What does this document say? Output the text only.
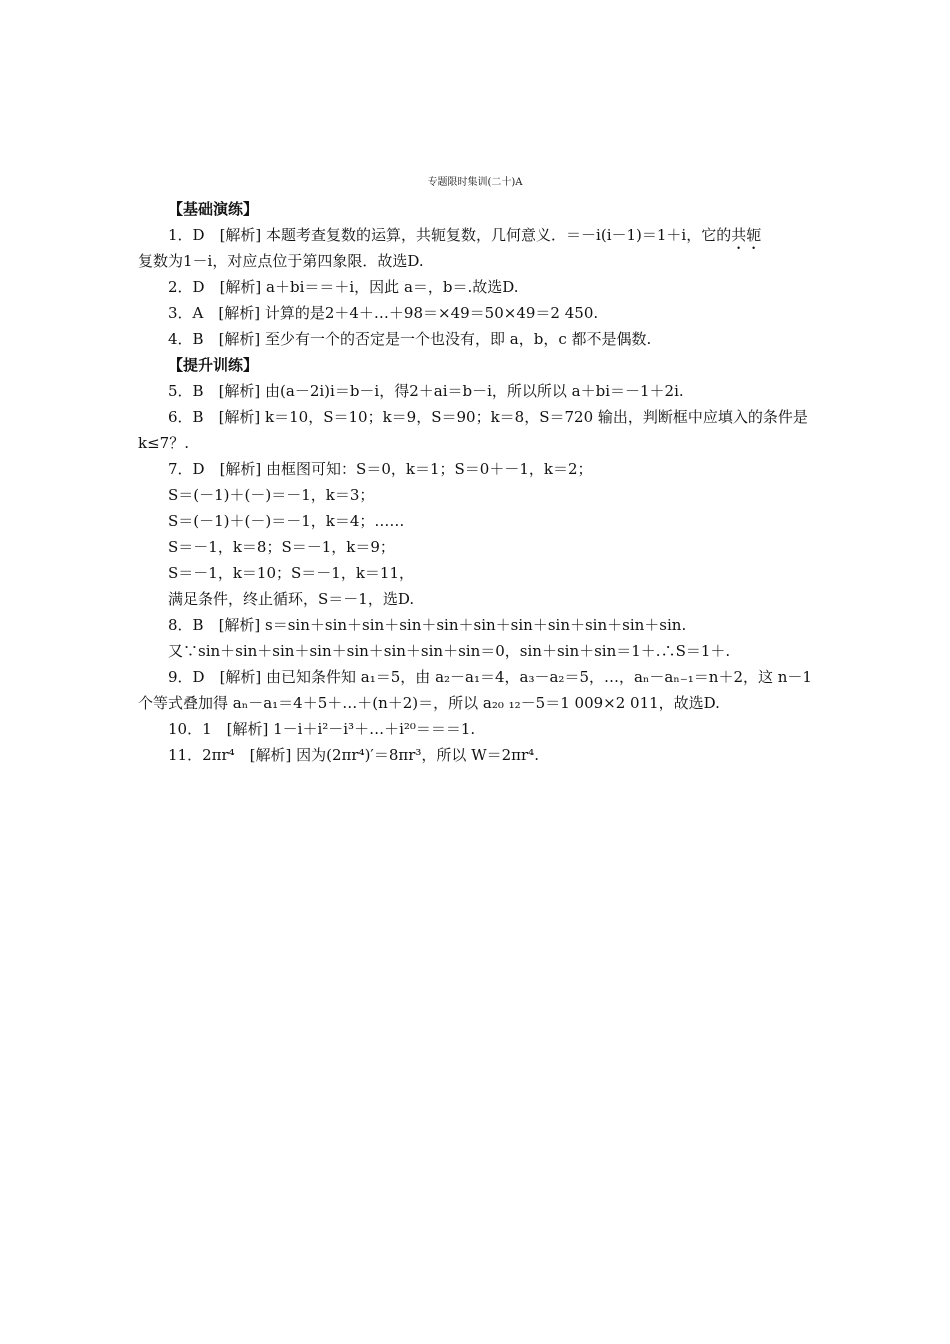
专题限时集训(二十)A
【基础演练】
1．D　[解析] 本题考查复数的运算，共轭复数，几何意义．＝－i(i－1)＝1＋i，它的共轭
复数为1－i，对应点位于第四象限．故选D.
2．D　[解析] a＋bi＝＝＋i，因此 a＝，b＝.故选D.
3．A　[解析] 计算的是2＋4＋…＋98＝×49＝50×49＝2 450.
4．B　[解析] 至少有一个的否定是一个也没有，即 a，b，c 都不是偶数.
【提升训练】
5．B　[解析] 由(a－2i)i＝b－i，得2＋ai＝b－i，所以所以 a＋bi＝－1＋2i.
6．B　[解析] k＝10，S＝10；k＝9，S＝90；k＝8，S＝720 输出，判断框中应填入的条件是
k≤7？.
7．D　[解析] 由框图可知：S＝0，k＝1；S＝0＋－1，k＝2；
S＝(－1)＋(－)＝－1，k＝3；
S＝(－1)＋(－)＝－1，k＝4；……
S＝－1，k＝8；S＝－1，k＝9；
S＝－1，k＝10；S＝－1，k＝11，
满足条件，终止循环，S＝－1，选D.
8．B　[解析] s＝sin＋sin＋sin＋sin＋sin＋sin＋sin＋sin＋sin＋sin＋sin.
又∵sin＋sin＋sin＋sin＋sin＋sin＋sin＋sin＝0，sin＋sin＋sin＝1＋.∴S＝1＋.
9．D　[解析] 由已知条件知 a₁＝5，由 a₂－a₁＝4，a₃－a₂＝5，…，aₙ－aₙ₋₁＝n＋2，这 n－1
个等式叠加得 aₙ－a₁＝4＋5＋…＋(n＋2)＝，所以 a₂₀ ₁₂－5＝1 009×2 011，故选D.
10．1　[解析] 1－i＋i²－i³＋…＋i²⁰＝＝＝1.
11．2πr⁴　[解析] 因为(2πr⁴)′＝8πr³，所以 W＝2πr⁴.
